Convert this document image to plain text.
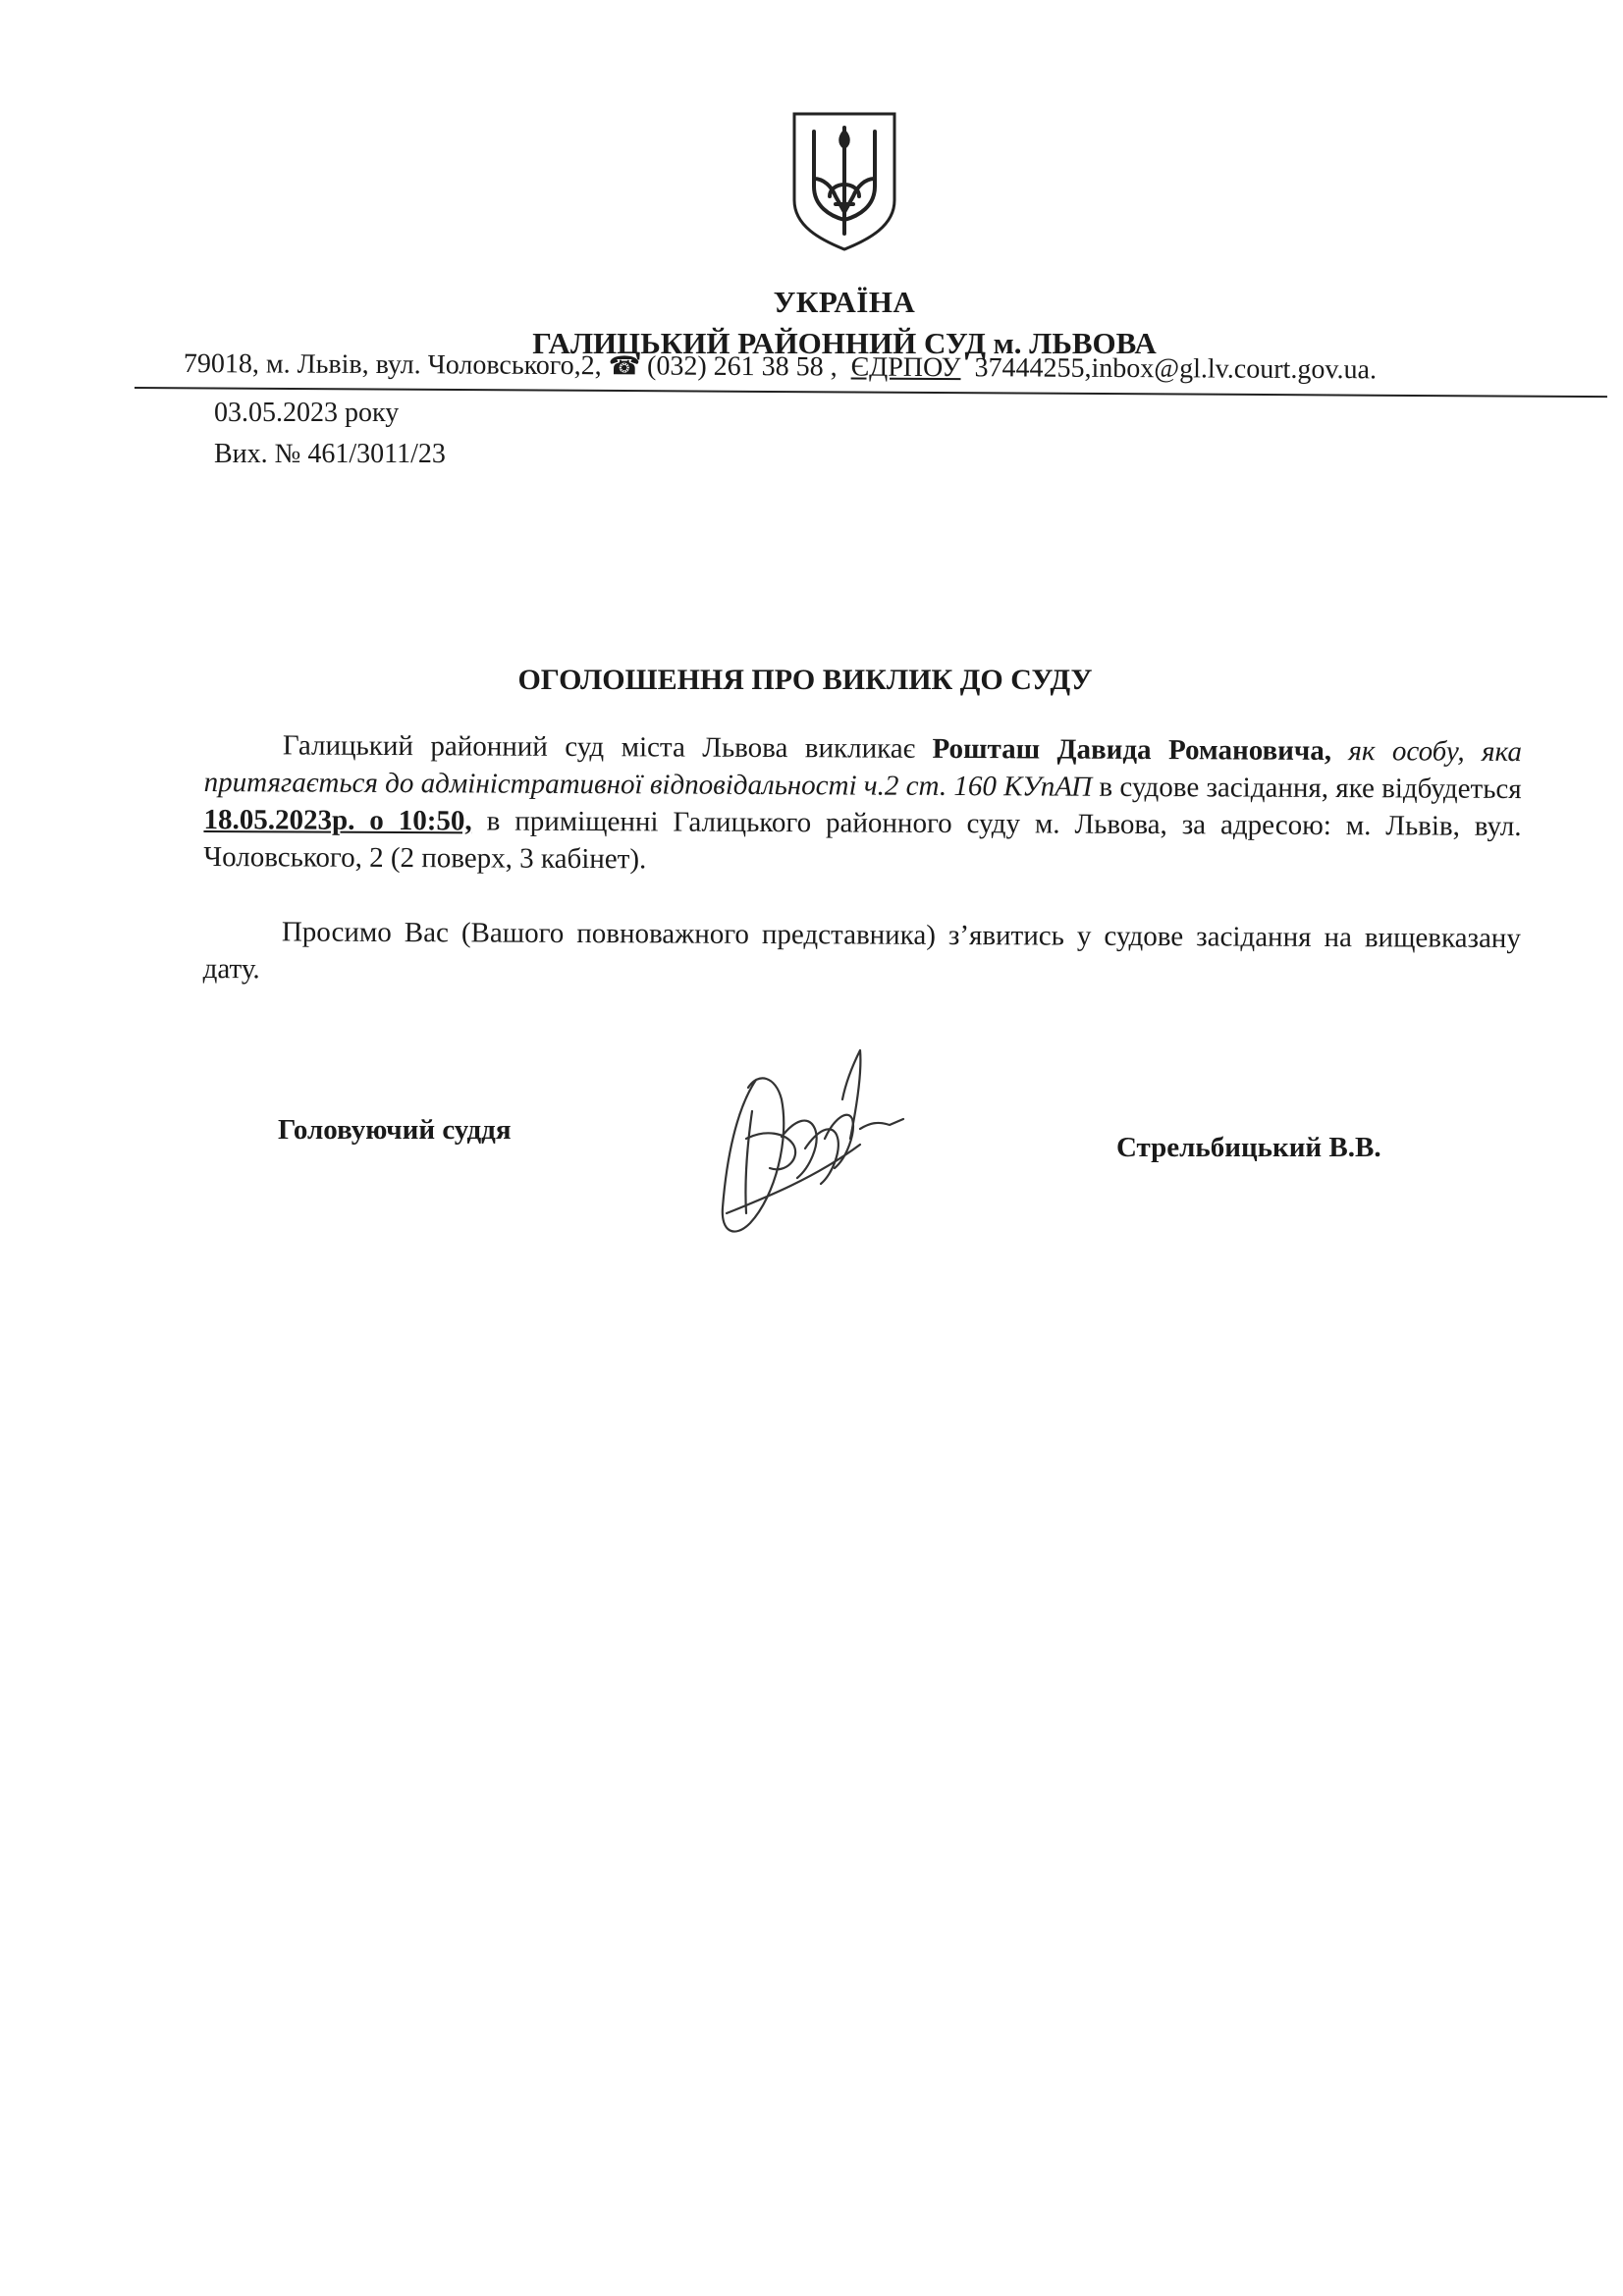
УКРАЇНА
ГАЛИЦЬКИЙ РАЙОННИЙ СУД м. ЛЬВОВА
79018, м. Львів, вул. Чоловського,2, ☎ (032) 261 38 58 , ЄДРПОУ 37444255,inbox@gl.lv.court.gov.ua.
03.05.2023 року
Вих. № 461/3011/23
ОГОЛОШЕННЯ ПРО ВИКЛИК ДО СУДУ

Галицький районний суд міста Львова викликає Рошташ Давида Романовича, як особу, яка притягається до адміністративної відповідальності ч.2 ст. 160 КУпАП в судове засідання, яке відбудеться 18.05.2023р. о 10:50, в приміщенні Галицького районного суду м. Львова, за адресою: м. Львів, вул. Чоловського, 2 (2 поверх, 3 кабінет).

Просимо Вас (Вашого повноважного представника) з’явитись у судове засідання на вищевказану дату.

Головуючий суддя
Стрельбицький В.В.
